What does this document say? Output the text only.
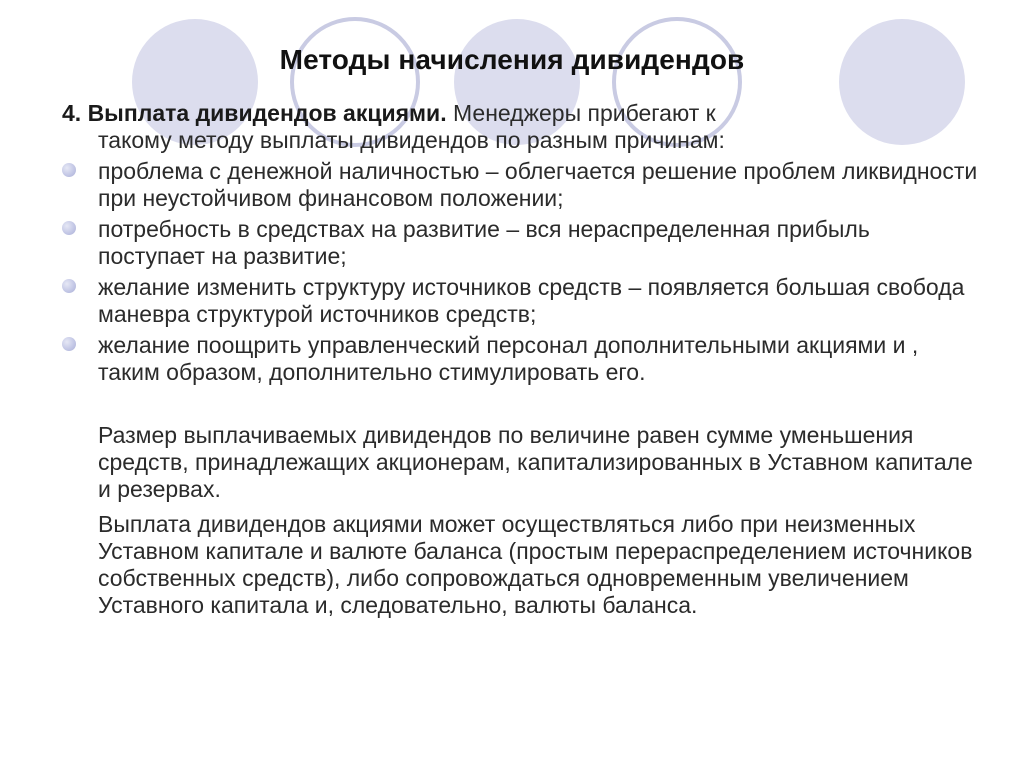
Методы начисления дивидендов

4. Выплата дивидендов акциями. Менеджеры прибегают к
такому методу выплаты дивидендов по разным причинам:

проблема с денежной наличностью – облегчается решение проблем ликвидности при неустойчивом финансовом положении;
потребность в средствах на развитие – вся нераспределенная прибыль поступает на развитие;
желание изменить структуру источников средств – появляется большая свобода маневра структурой источников средств;
желание поощрить управленческий персонал дополнительными акциями и , таким образом, дополнительно стимулировать его.

Размер выплачиваемых дивидендов по величине равен сумме уменьшения средств, принадлежащих акционерам, капитализированных в Уставном капитале и резервах.

Выплата дивидендов акциями может осуществляться либо при неизменных Уставном капитале и валюте баланса (простым перераспределением источников собственных средств), либо сопровождаться одновременным увеличением Уставного капитала и, следовательно, валюты баланса.
